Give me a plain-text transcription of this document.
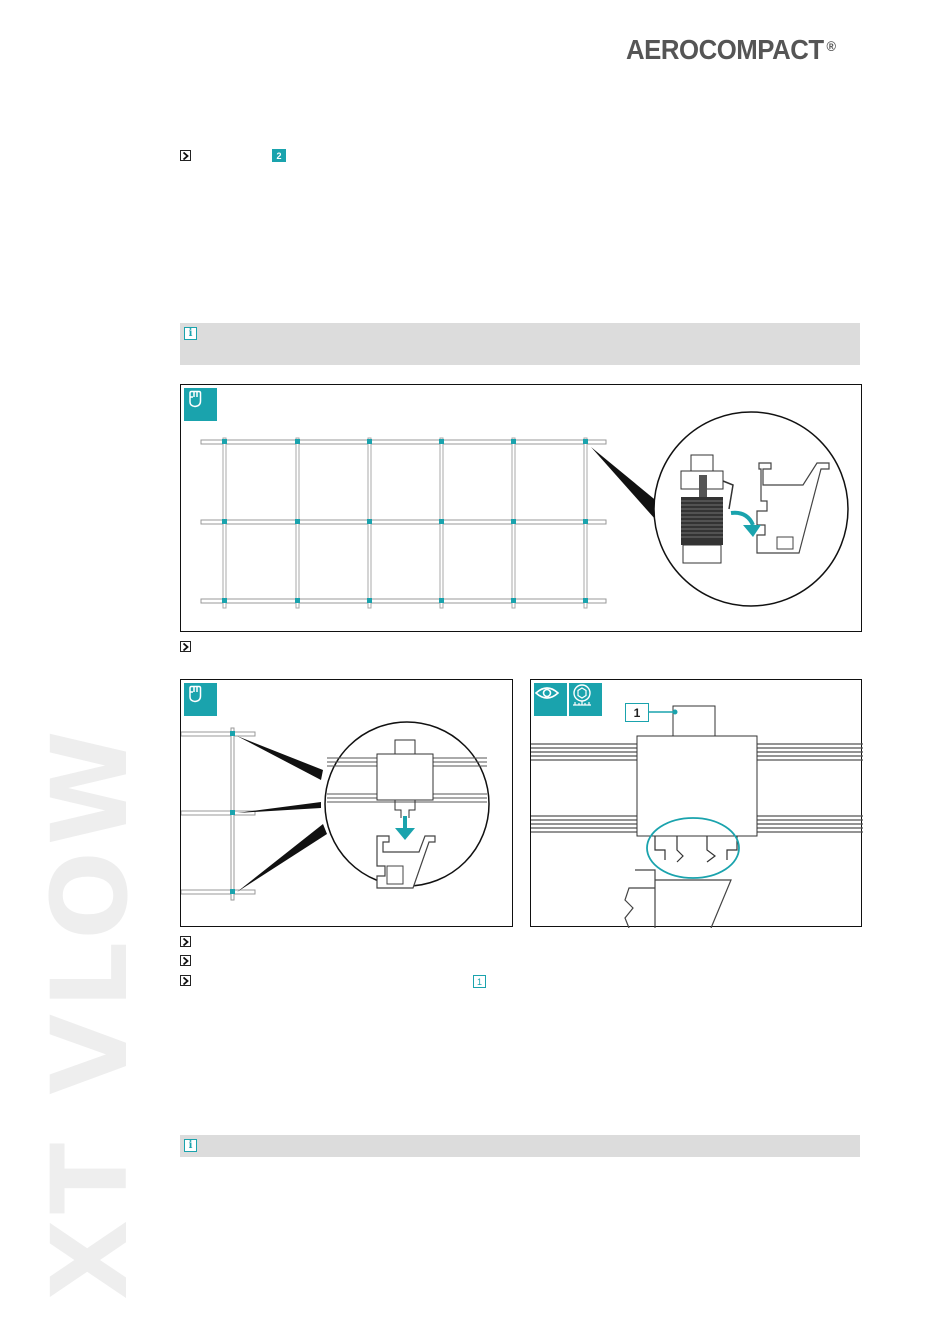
AEROCOMPACT ®
XT VLOW
2
i
1
1
i
